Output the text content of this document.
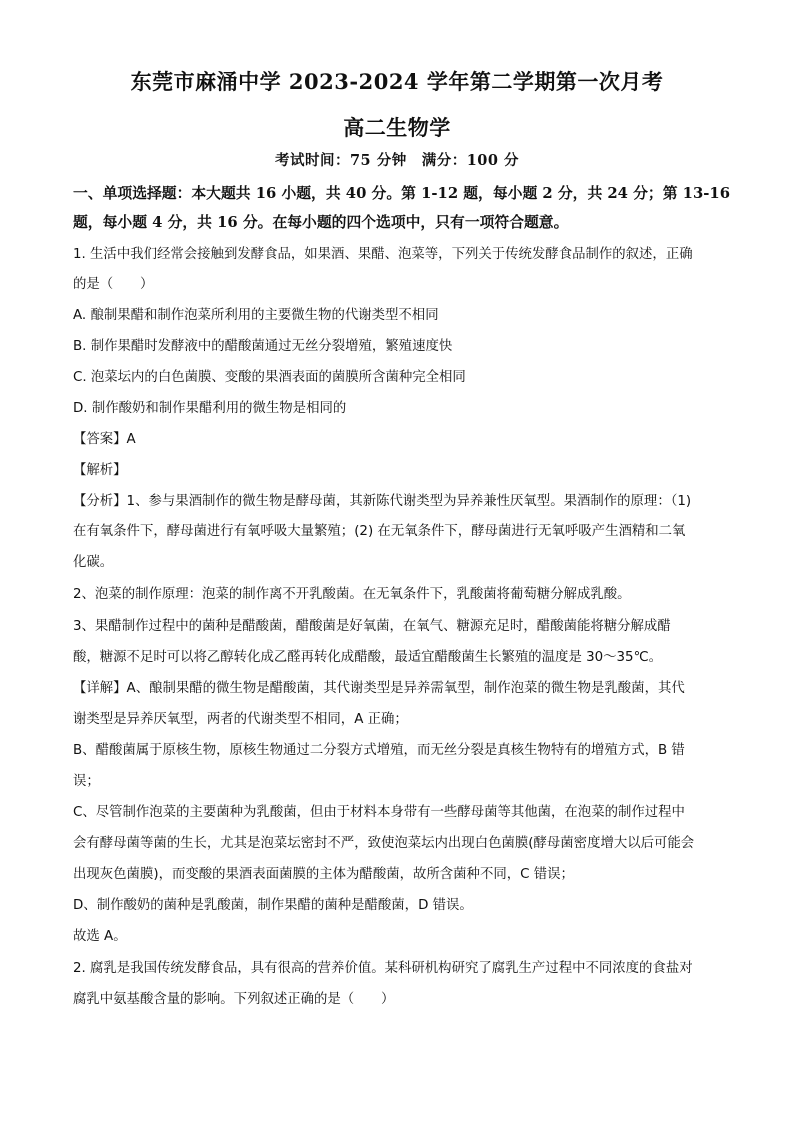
东莞市麻涌中学 2023-2024 学年第二学期第一次月考
高二生物学
考试时间：75 分钟　满分：100 分
一、单项选择题：本大题共 16 小题，共 40 分。第 1-12 题，每小题 2 分，共 24 分；第 13-16
题，每小题 4 分，共 16 分。在每小题的四个选项中，只有一项符合题意。
1. 生活中我们经常会接触到发酵食品，如果酒、果醋、泡菜等，下列关于传统发酵食品制作的叙述，正确
的是（　　）
A. 酿制果醋和制作泡菜所利用的主要微生物的代谢类型不相同
B. 制作果醋时发酵液中的醋酸菌通过无丝分裂增殖，繁殖速度快
C. 泡菜坛内的白色菌膜、变酸的果酒表面的菌膜所含菌种完全相同
D. 制作酸奶和制作果醋利用的微生物是相同的
【答案】A
【解析】
【分析】1、参与果酒制作的微生物是酵母菌，其新陈代谢类型为异养兼性厌氧型。果酒制作的原理：（1)
在有氧条件下，酵母菌进行有氧呼吸大量繁殖；(2) 在无氧条件下，酵母菌进行无氧呼吸产生酒精和二氧
化碳。
2、泡菜的制作原理：泡菜的制作离不开乳酸菌。在无氧条件下，乳酸菌将葡萄糖分解成乳酸。
3、果醋制作过程中的菌种是醋酸菌，醋酸菌是好氧菌，在氧气、糖源充足时，醋酸菌能将糖分解成醋
酸，糖源不足时可以将乙醇转化成乙醛再转化成醋酸，最适宜醋酸菌生长繁殖的温度是 30～35℃。
【详解】A、酿制果醋的微生物是醋酸菌，其代谢类型是异养需氧型，制作泡菜的微生物是乳酸菌，其代
谢类型是异养厌氧型，两者的代谢类型不相同，A 正确；
B、醋酸菌属于原核生物，原核生物通过二分裂方式增殖，而无丝分裂是真核生物特有的增殖方式，B 错
误；
C、尽管制作泡菜的主要菌种为乳酸菌，但由于材料本身带有一些酵母菌等其他菌，在泡菜的制作过程中
会有酵母菌等菌的生长，尤其是泡菜坛密封不严，致使泡菜坛内出现白色菌膜(酵母菌密度增大以后可能会
出现灰色菌膜)，而变酸的果酒表面菌膜的主体为醋酸菌，故所含菌种不同，C 错误；
D、制作酸奶的菌种是乳酸菌，制作果醋的菌种是醋酸菌，D 错误。
故选 A。
2. 腐乳是我国传统发酵食品，具有很高的营养价值。某科研机构研究了腐乳生产过程中不同浓度的食盐对
腐乳中氨基酸含量的影响。下列叙述正确的是（　　）
